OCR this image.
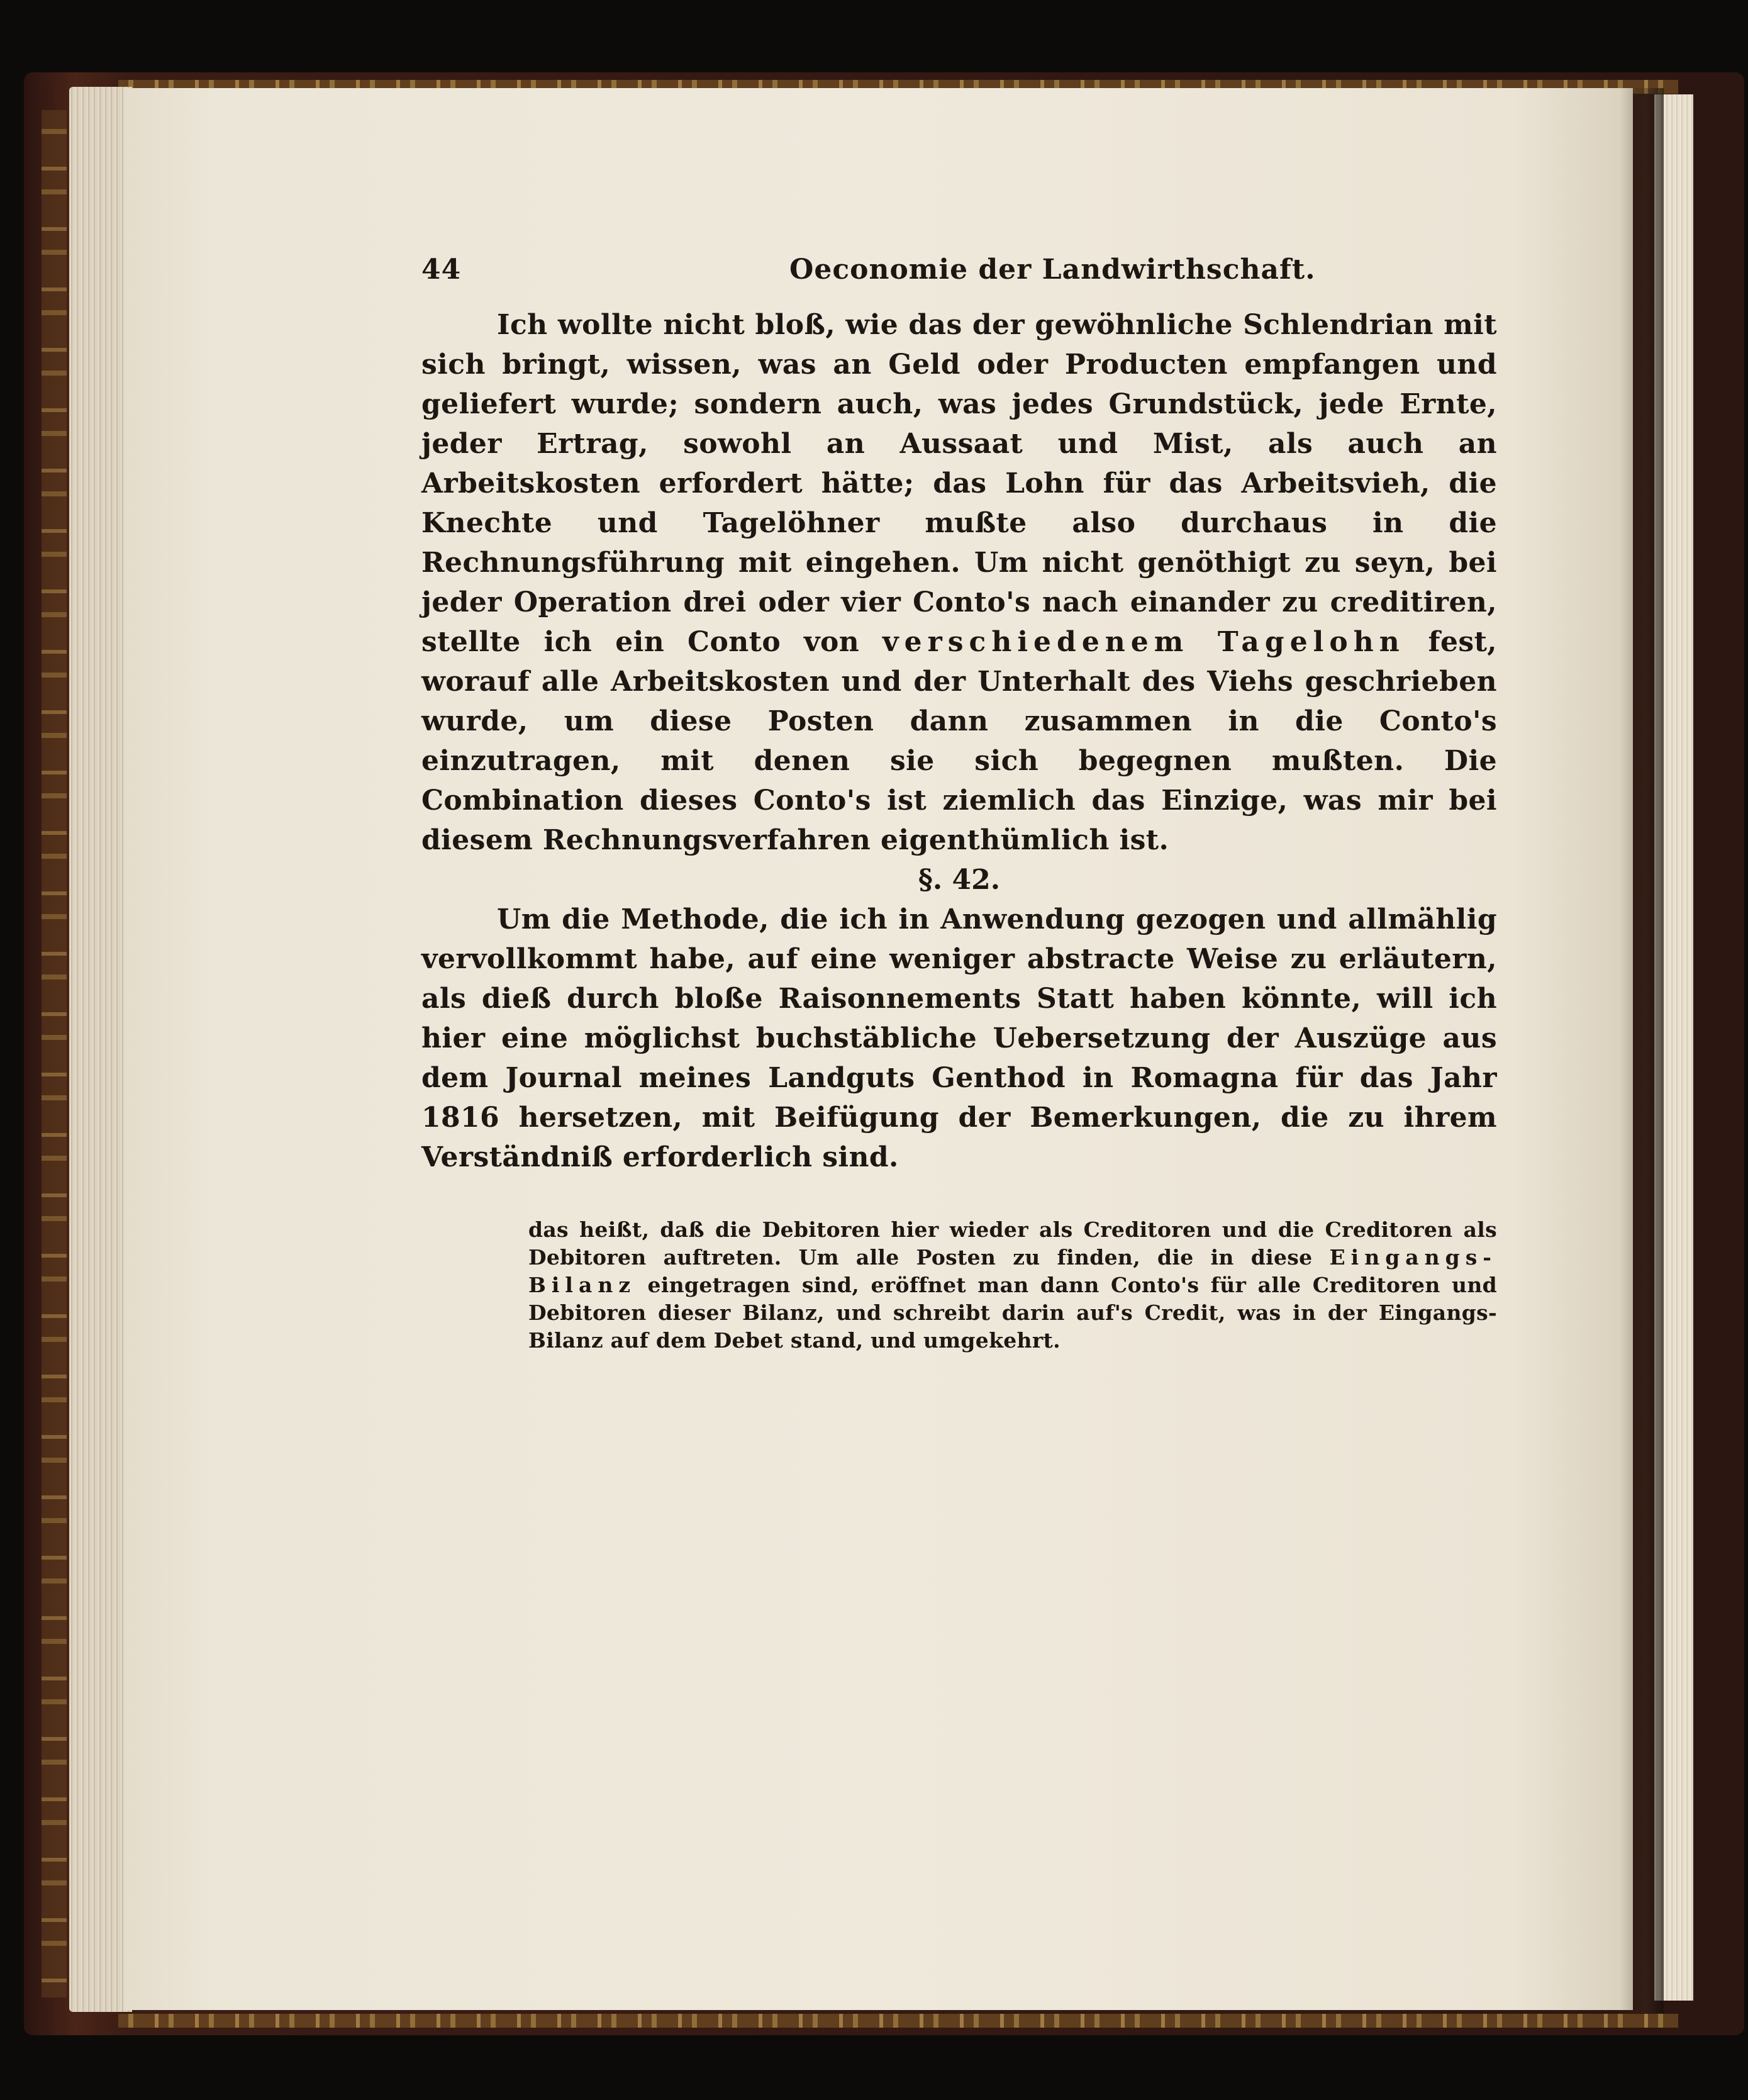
44	Oeconomie der Landwirthschaft.

Ich wollte nicht bloß, wie das der gewöhnliche Schlendrian mit sich bringt, wissen, was an Geld oder Producten empfangen und geliefert wurde; sondern auch, was jedes Grundstück, jede Ernte, jeder Ertrag, sowohl an Aussaat und Mist, als auch an Arbeitskosten erfordert hätte; das Lohn für das Arbeitsvieh, die Knechte und Tagelöhner mußte also durchaus in die Rechnungsführung mit eingehen. Um nicht genöthigt zu seyn, bei jeder Operation drei oder vier Conto's nach einander zu creditiren, stellte ich ein Conto von verschiedenem Tagelohn fest, worauf alle Arbeitskosten und der Unterhalt des Viehs geschrieben wurde, um diese Posten dann zusammen in die Conto's einzutragen, mit denen sie sich begegnen mußten. Die Combination dieses Conto's ist ziemlich das Einzige, was mir bei diesem Rechnungsverfahren eigenthümlich ist.

§. 42.

Um die Methode, die ich in Anwendung gezogen und allmählig vervollkommt habe, auf eine weniger abstracte Weise zu erläutern, als dieß durch bloße Raisonnements Statt haben könnte, will ich hier eine möglichst buchstäbliche Uebersetzung der Auszüge aus dem Journal meines Landguts Genthod in Romagna für das Jahr 1816 hersetzen, mit Beifügung der Bemerkungen, die zu ihrem Verständniß erforderlich sind.

das heißt, daß die Debitoren hier wieder als Creditoren und die Creditoren als Debitoren auftreten. Um alle Posten zu finden, die in diese Eingangs-Bilanz eingetragen sind, eröffnet man dann Conto's für alle Creditoren und Debitoren dieser Bilanz, und schreibt darin auf's Credit, was in der Eingangs-Bilanz auf dem Debet stand, und umgekehrt.
